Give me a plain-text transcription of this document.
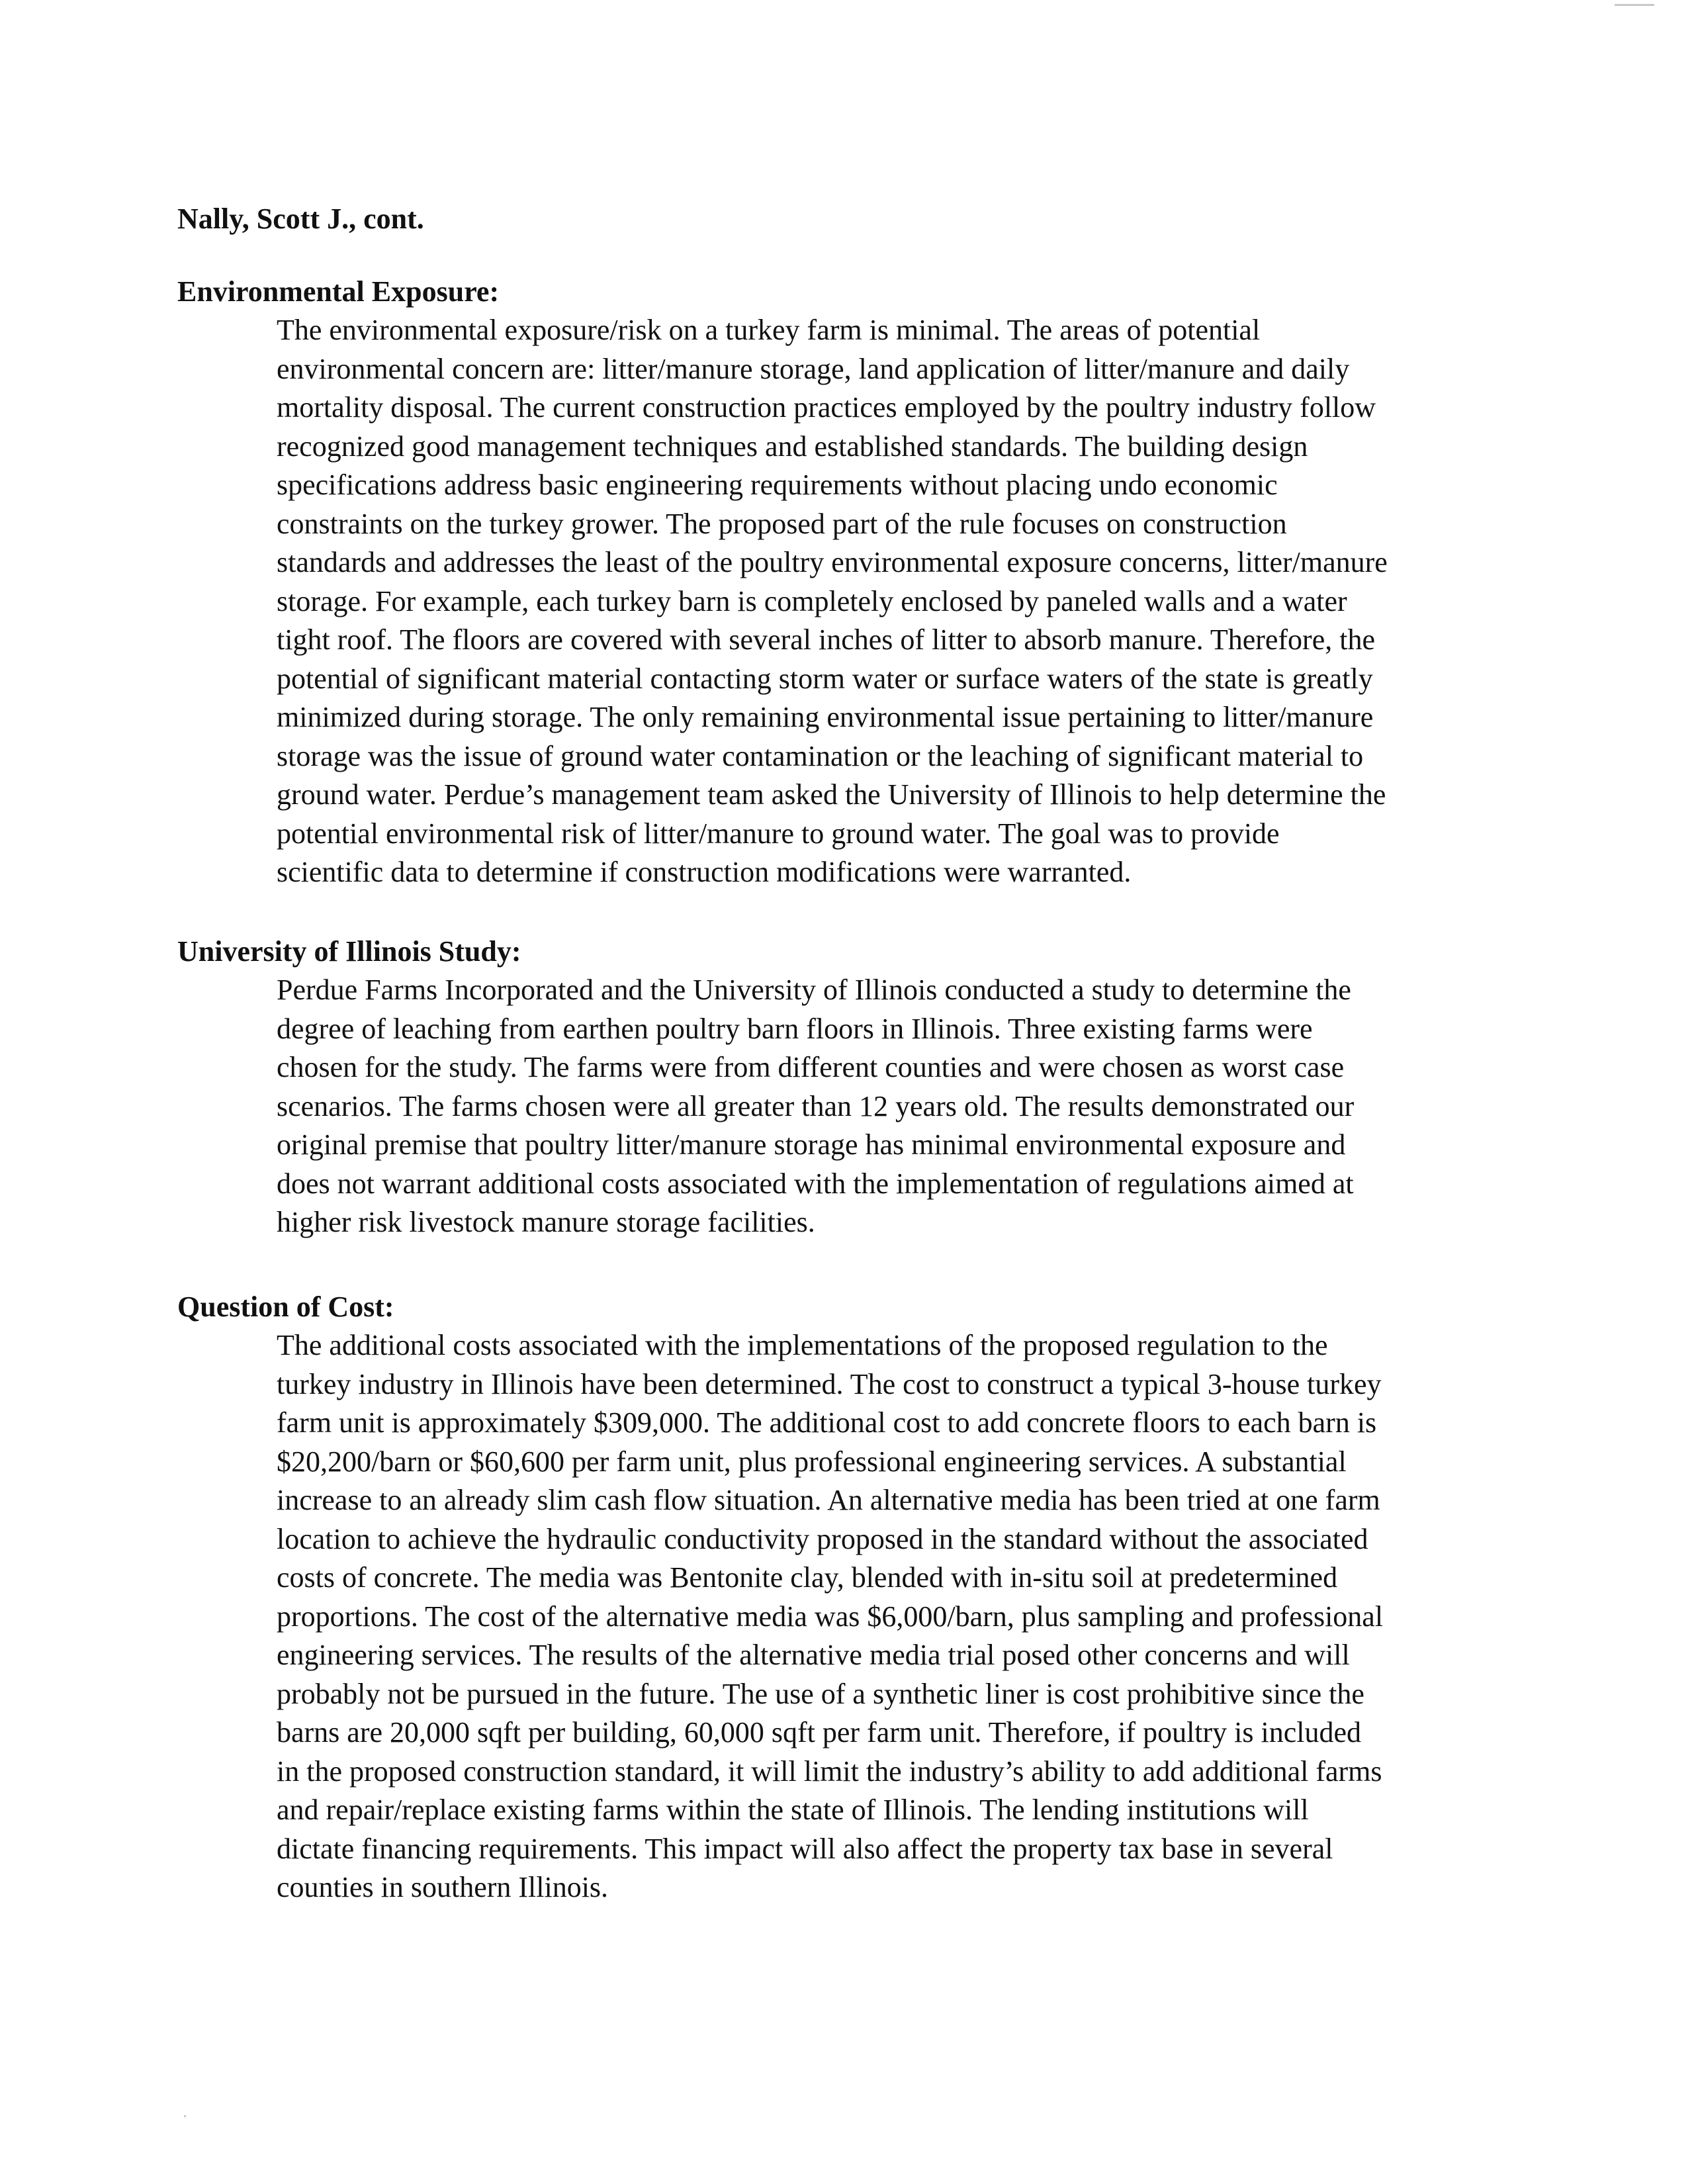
Nally, Scott J., cont.
Environmental Exposure:
The environmental exposure/risk on a turkey farm is minimal. The areas of potential
environmental concern are: litter/manure storage, land application of litter/manure and daily
mortality disposal. The current construction practices employed by the poultry industry follow
recognized good management techniques and established standards. The building design
specifications address basic engineering requirements without placing undo economic
constraints on the turkey grower. The proposed part of the rule focuses on construction
standards and addresses the least of the poultry environmental exposure concerns, litter/manure
storage. For example, each turkey barn is completely enclosed by paneled walls and a water
tight roof. The floors are covered with several inches of litter to absorb manure. Therefore, the
potential of significant material contacting storm water or surface waters of the state is greatly
minimized during storage. The only remaining environmental issue pertaining to litter/manure
storage was the issue of ground water contamination or the leaching of significant material to
ground water. Perdue’s management team asked the University of Illinois to help determine the
potential environmental risk of litter/manure to ground water. The goal was to provide
scientific data to determine if construction modifications were warranted.
University of Illinois Study:
Perdue Farms Incorporated and the University of Illinois conducted a study to determine the
degree of leaching from earthen poultry barn floors in Illinois. Three existing farms were
chosen for the study. The farms were from different counties and were chosen as worst case
scenarios. The farms chosen were all greater than 12 years old. The results demonstrated our
original premise that poultry litter/manure storage has minimal environmental exposure and
does not warrant additional costs associated with the implementation of regulations aimed at
higher risk livestock manure storage facilities.
Question of Cost:
The additional costs associated with the implementations of the proposed regulation to the
turkey industry in Illinois have been determined. The cost to construct a typical 3-house turkey
farm unit is approximately $309,000. The additional cost to add concrete floors to each barn is
$20,200/barn or $60,600 per farm unit, plus professional engineering services. A substantial
increase to an already slim cash flow situation. An alternative media has been tried at one farm
location to achieve the hydraulic conductivity proposed in the standard without the associated
costs of concrete. The media was Bentonite clay, blended with in-situ soil at predetermined
proportions. The cost of the alternative media was $6,000/barn, plus sampling and professional
engineering services. The results of the alternative media trial posed other concerns and will
probably not be pursued in the future. The use of a synthetic liner is cost prohibitive since the
barns are 20,000 sqft per building, 60,000 sqft per farm unit. Therefore, if poultry is included
in the proposed construction standard, it will limit the industry’s ability to add additional farms
and repair/replace existing farms within the state of Illinois. The lending institutions will
dictate financing requirements. This impact will also affect the property tax base in several
counties in southern Illinois.
